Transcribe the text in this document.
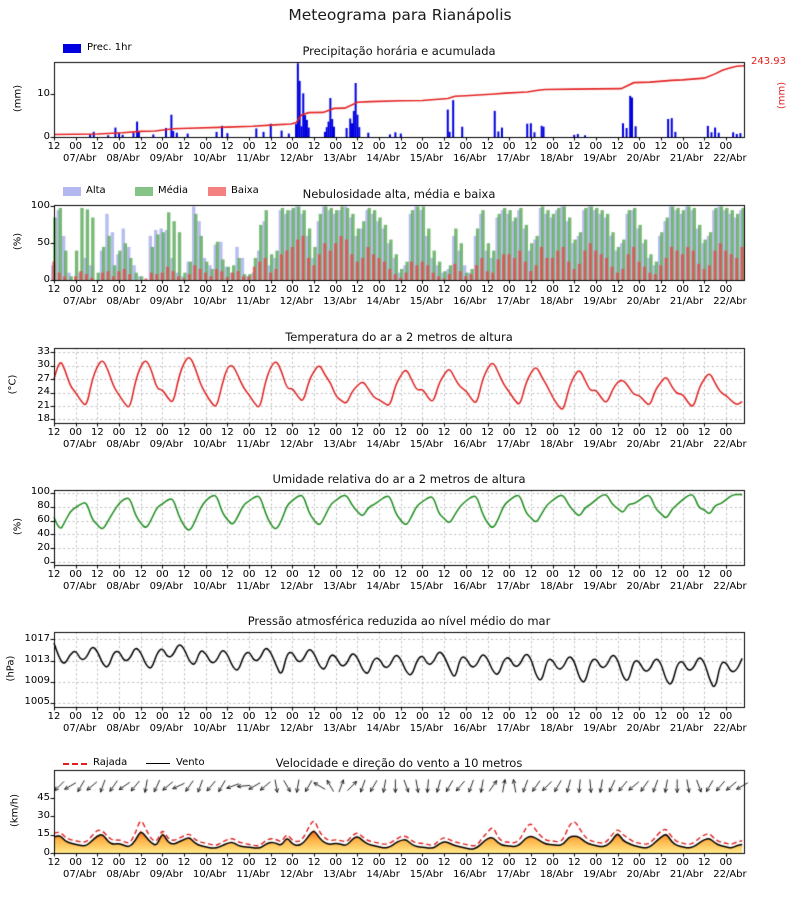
Meteograma para Rianápolis
Precipitação horária e acumulada
Nebulosidade alta, média e baixa
Temperatura do ar a 2 metros de altura
Umidade relativa do ar a 2 metros de altura
Pressão atmosférica reduzida ao nível médio do mar
Velocidade e direção do vento a 10 metros
(mm)
(%)
(°C)
(%)
(hPa)
(km/h)
Prec. 1hr
243.93
(mm)
Alta	Média	Baixa
Rajada	Vento
0
10
12 00
07/Abr
12 00
08/Abr
12 00
09/Abr
12 00
10/Abr
12 00
11/Abr
12 00
12/Abr
12 00
13/Abr
12 00
14/Abr
12 00
15/Abr
12 00
16/Abr
12 00
17/Abr
12 00
18/Abr
12 00
19/Abr
12 00
20/Abr
12 00
21/Abr
12 00
22/Abr
0
50
100
12 00
07/Abr
12 00
08/Abr
12 00
09/Abr
12 00
10/Abr
12 00
11/Abr
12 00
12/Abr
12 00
13/Abr
12 00
14/Abr
12 00
15/Abr
12 00
16/Abr
12 00
17/Abr
12 00
18/Abr
12 00
19/Abr
12 00
20/Abr
12 00
21/Abr
12 00
22/Abr
18
21
24
27
30
33
12 00
07/Abr
12 00
08/Abr
12 00
09/Abr
12 00
10/Abr
12 00
11/Abr
12 00
12/Abr
12 00
13/Abr
12 00
14/Abr
12 00
15/Abr
12 00
16/Abr
12 00
17/Abr
12 00
18/Abr
12 00
19/Abr
12 00
20/Abr
12 00
21/Abr
12 00
22/Abr
0
20
40
60
80
100
12 00
07/Abr
12 00
08/Abr
12 00
09/Abr
12 00
10/Abr
12 00
11/Abr
12 00
12/Abr
12 00
13/Abr
12 00
14/Abr
12 00
15/Abr
12 00
16/Abr
12 00
17/Abr
12 00
18/Abr
12 00
19/Abr
12 00
20/Abr
12 00
21/Abr
12 00
22/Abr
1005
1009
1013
1017
12 00
07/Abr
12 00
08/Abr
12 00
09/Abr
12 00
10/Abr
12 00
11/Abr
12 00
12/Abr
12 00
13/Abr
12 00
14/Abr
12 00
15/Abr
12 00
16/Abr
12 00
17/Abr
12 00
18/Abr
12 00
19/Abr
12 00
20/Abr
12 00
21/Abr
12 00
22/Abr
0
15
30
45
12 00
07/Abr
12 00
08/Abr
12 00
09/Abr
12 00
10/Abr
12 00
11/Abr
12 00
12/Abr
12 00
13/Abr
12 00
14/Abr
12 00
15/Abr
12 00
16/Abr
12 00
17/Abr
12 00
18/Abr
12 00
19/Abr
12 00
20/Abr
12 00
21/Abr
12 00
22/Abr
